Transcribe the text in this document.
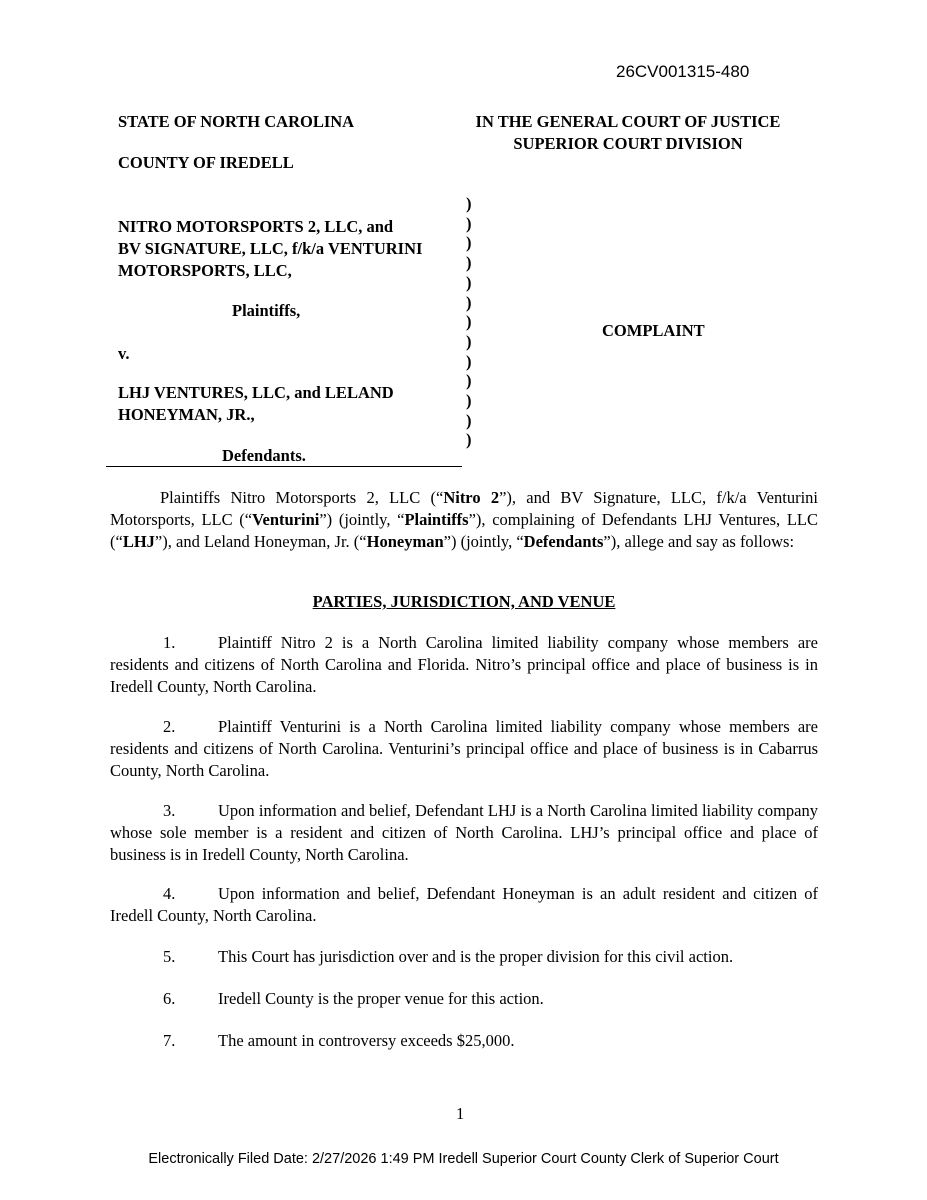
26CV001315-480
STATE OF NORTH CAROLINA
COUNTY OF IREDELL
IN THE GENERAL COURT OF JUSTICE
SUPERIOR COURT DIVISION
NITRO MOTORSPORTS 2, LLC, and
BV SIGNATURE, LLC, f/k/a VENTURINI
MOTORSPORTS, LLC,
Plaintiffs,
v.
LHJ VENTURES, LLC, and LELAND
HONEYMAN, JR.,
Defendants.
)
)
)
)
)
)
)
)
)
)
)
)
)
COMPLAINT
Plaintiffs Nitro Motorsports 2, LLC (“Nitro 2”), and BV Signature, LLC, f/k/a Venturini Motorsports, LLC (“Venturini”) (jointly, “Plaintiffs”), complaining of Defendants LHJ Ventures, LLC (“LHJ”), and Leland Honeyman, Jr. (“Honeyman”) (jointly, “Defendants”), allege and say as follows:
PARTIES, JURISDICTION, AND VENUE
1.	Plaintiff Nitro 2 is a North Carolina limited liability company whose members are residents and citizens of North Carolina and Florida. Nitro’s principal office and place of business is in Iredell County, North Carolina.
2.	Plaintiff Venturini is a North Carolina limited liability company whose members are residents and citizens of North Carolina. Venturini’s principal office and place of business is in Cabarrus County, North Carolina.
3.	Upon information and belief, Defendant LHJ is a North Carolina limited liability company whose sole member is a resident and citizen of North Carolina. LHJ’s principal office and place of business is in Iredell County, North Carolina.
4.	Upon information and belief, Defendant Honeyman is an adult resident and citizen of Iredell County, North Carolina.
5.	This Court has jurisdiction over and is the proper division for this civil action.
6.	Iredell County is the proper venue for this action.
7.	The amount in controversy exceeds $25,000.
1
Electronically Filed Date: 2/27/2026 1:49 PM Iredell Superior Court County Clerk of Superior Court
